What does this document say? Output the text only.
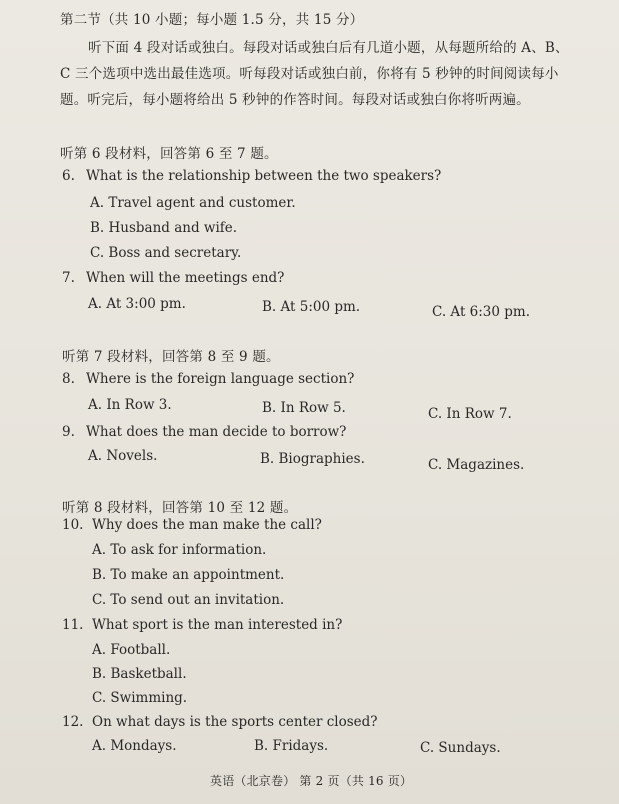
第二节（共 10 小题；每小题 1.5 分，共 15 分）
听下面 4 段对话或独白。每段对话或独白后有几道小题，从每题所给的 A、B、
C 三个选项中选出最佳选项。听每段对话或独白前，你将有 5 秒钟的时间阅读每小
题。听完后，每小题将给出 5 秒钟的作答时间。每段对话或独白你将听两遍。
听第 6 段材料，回答第 6 至 7 题。
6. What is the relationship between the two speakers?
A. Travel agent and customer.
B. Husband and wife.
C. Boss and secretary.
7. When will the meetings end?
A. At 3:00 pm.	B. At 5:00 pm.	C. At 6:30 pm.
听第 7 段材料，回答第 8 至 9 题。
8. Where is the foreign language section?
A. In Row 3.	B. In Row 5.	C. In Row 7.
9. What does the man decide to borrow?
A. Novels.	B. Biographies.	C. Magazines.
听第 8 段材料，回答第 10 至 12 题。
10. Why does the man make the call?
A. To ask for information.
B. To make an appointment.
C. To send out an invitation.
11. What sport is the man interested in?
A. Football.
B. Basketball.
C. Swimming.
12. On what days is the sports center closed?
A. Mondays.	B. Fridays.	C. Sundays.
英语（北京卷） 第 2 页（共 16 页）
